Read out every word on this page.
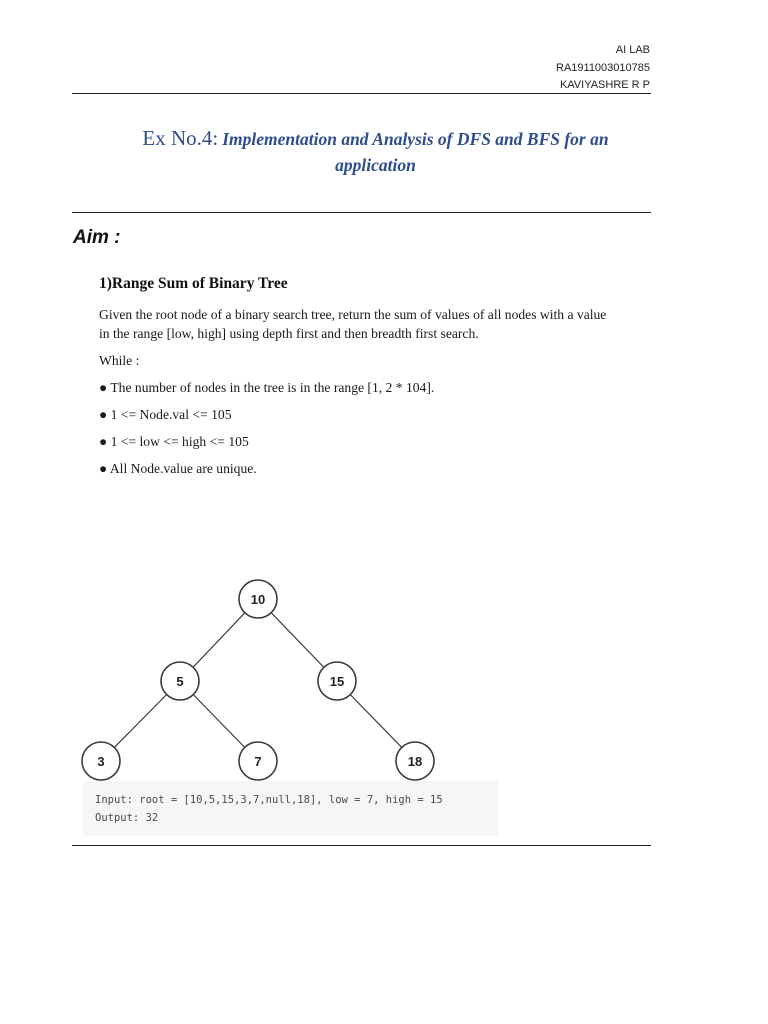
AI LAB
RA1911003010785
KAVIYASHRE R P
Ex No.4: Implementation and Analysis of DFS and BFS for an
application
Aim :
1)Range Sum of Binary Tree
Given the root node of a binary search tree, return the sum of values of all nodes with a value
in the range [low, high] using depth first and then breadth first search.
While :
● The number of nodes in the tree is in the range [1, 2 * 104].
● 1 <= Node.val <= 105
● 1 <= low <= high <= 105
● All Node.value are unique.
10
5	15
3	7	18
Input: root = [10,5,15,3,7,null,18], low = 7, high = 15
Output: 32
